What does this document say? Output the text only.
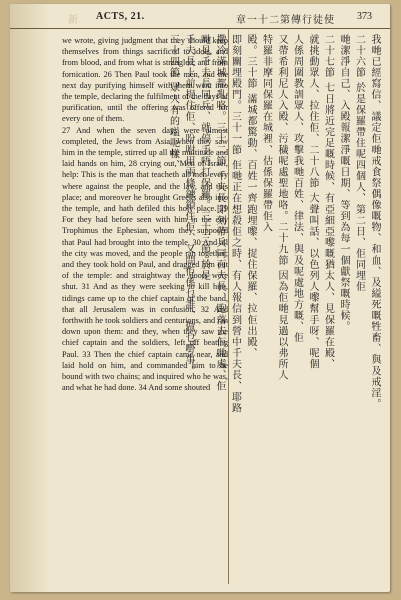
新 ACTS, 21.	章一十二第傳行徒使 373
we wrote, giving judgment that they should keep themselves from things sacrificed to idols, and from blood, and from what is strangled, and from fornication. 26 Then Paul took the men, and the next day purifying himself with them went into the temple, declaring the fulfilment of the days of purification, until the offering was offered for every one of them.
27 And when the seven days were almost completed, the Jews from Asia, when they saw him in the temple, stirred up all the multitude and laid hands on him, 28 crying out, Men of Israel, help: This is the man that teacheth all men every where against the people, and the law, and this place; and moreover he brought Greeks also into the temple, and hath defiled this holy place. 29 For they had before seen with him in the city Trophimus the Ephesian, whom they supposed that Paul had brought into the temple. 30 And all the city was moved, and the people ran together; and they took hold on Paul, and dragged him out of the temple: and straightway the doors were shut. 31 And as they were seeking to kill him, tidings came up to the chief captain of the band, that all Jerusalem was in confusion. 32 And forthwith he took soldiers and centurions, and ran down upon them: and they, when they saw the chief captain and the soldiers, left off beating Paul. 33 Then the chief captain came near, and laid hold on him, and commanded him to be bound with two chains; and inquired who he was, and what he had done. 34 And some shouted	我哋已經寫信、議定佢哋戒食祭偶像嘅物、和血、及縊死嘅牲畜、與及戒淫。
二十六節 於是保羅帶住呢四個人、第二日、佢同埋佢
哋潔淨自己、入殿報潔淨嘅日期、等到為每一個獻祭嘅時候。
二十七節 七日將近完足嘅時候、有亞細亞嚟嘅猶太人、見保羅在殿、
就挑動眾人、拉住佢、二十八節 大聲叫話、以色列人嚟幫手呀、呢個
人係周圍教訓眾人、攻擊我哋百姓、律法、與及呢處地方嘅、佢
又帶希利尼人入殿、污穢呢處聖地咯。二十九節 因為佢哋見過以弗所人
特羅非摩同保羅在城裡、估係保羅帶佢入
殿。三十節 滿城都驚動、百姓一齊跑埋嚟、捉住保羅、拉佢出殿、
即刻關埋殿門。三十一節 佢哋正在想殺佢之時、有人報信到營中千夫長、耶路
撒冷滿城都亂咯。三十二節 千夫長即刻帶兵同百夫長、跑落去佢哋處、佢
哋見千夫長同兵、就停手唔打保羅。三十三節 於是
千夫長上前捉住佢、吩咐用兩條鍊鎖住佢、又問佢係乜誰、做乜嘢事。
三十四節 眾人有的嗌呢樣、
